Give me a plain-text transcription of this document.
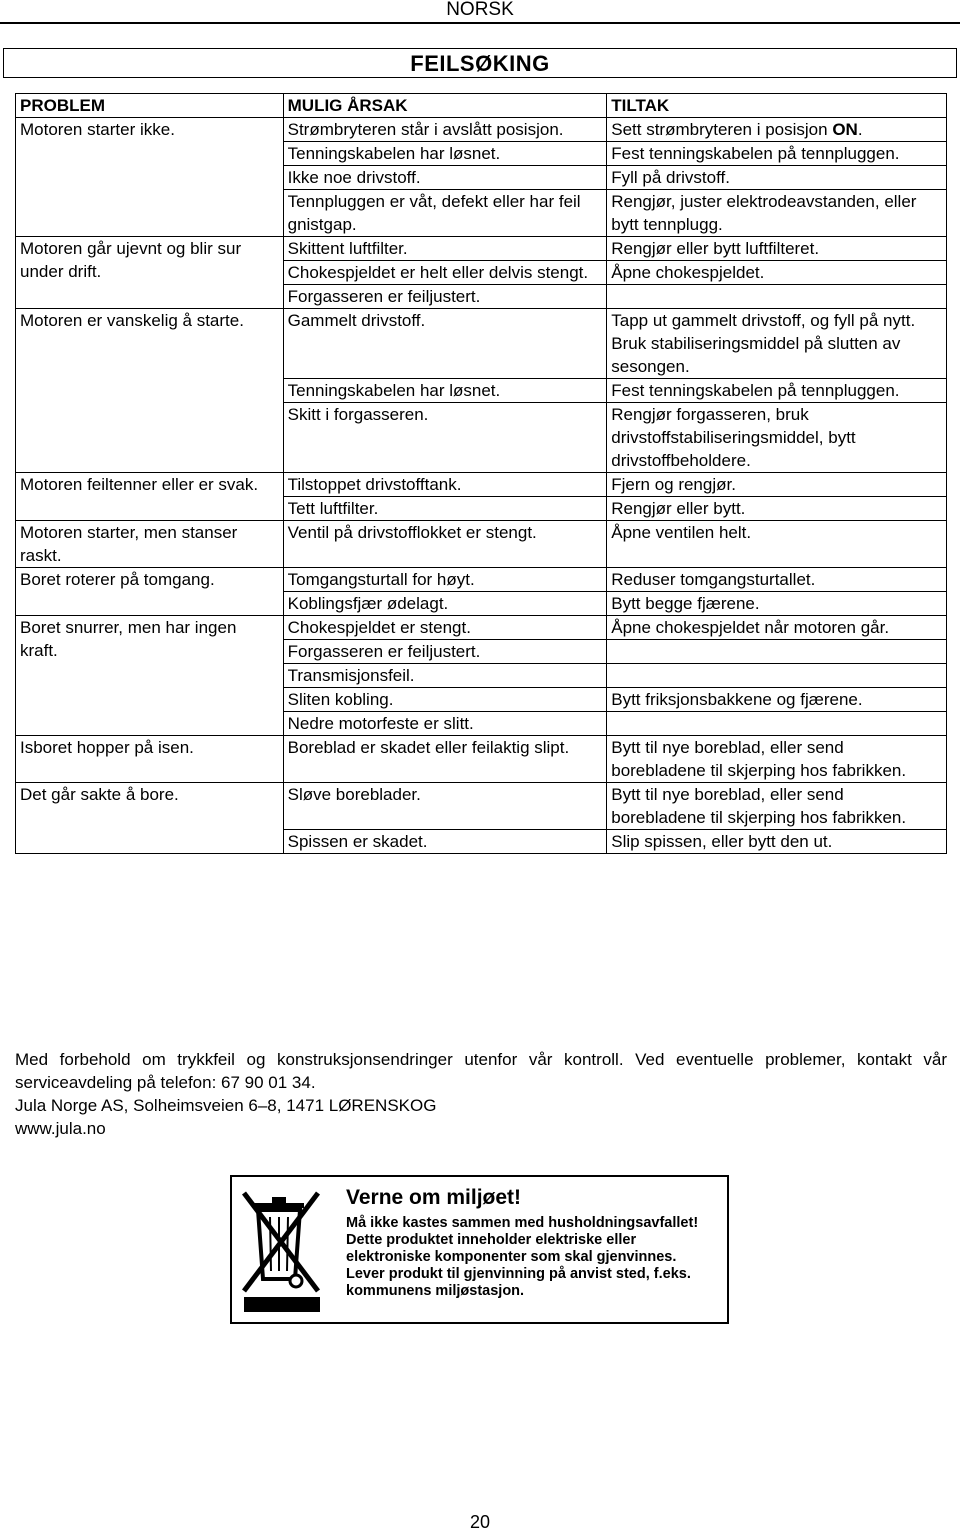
NORSK
FEILSØKING
PROBLEM	MULIG ÅRSAK	TILTAK
Motoren starter ikke.	Strømbryteren står i avslått posisjon.	Sett strømbryteren i posisjon ON.
	Tenningskabelen har løsnet.	Fest tenningskabelen på tennpluggen.
	Ikke noe drivstoff.	Fyll på drivstoff.
	Tennpluggen er våt, defekt eller har feil gnistgap.	Rengjør, juster elektrodeavstanden, eller bytt tennplugg.
Motoren går ujevnt og blir sur under drift.	Skittent luftfilter.	Rengjør eller bytt luftfilteret.
	Chokespjeldet er helt eller delvis stengt.	Åpne chokespjeldet.
	Forgasseren er feiljustert.	
Motoren er vanskelig å starte.	Gammelt drivstoff.	Tapp ut gammelt drivstoff, og fyll på nytt. Bruk stabiliseringsmiddel på slutten av sesongen.
	Tenningskabelen har løsnet.	Fest tenningskabelen på tennpluggen.
	Skitt i forgasseren.	Rengjør forgasseren, bruk drivstoffstabiliseringsmiddel, bytt drivstoffbeholdere.
Motoren feiltenner eller er svak.	Tilstoppet drivstofftank.	Fjern og rengjør.
	Tett luftfilter.	Rengjør eller bytt.
Motoren starter, men stanser raskt.	Ventil på drivstofflokket er stengt.	Åpne ventilen helt.
Boret roterer på tomgang.	Tomgangsturtall for høyt.	Reduser tomgangsturtallet.
	Koblingsfjær ødelagt.	Bytt begge fjærene.
Boret snurrer, men har ingen kraft.	Chokespjeldet er stengt.	Åpne chokespjeldet når motoren går.
	Forgasseren er feiljustert.	
	Transmisjonsfeil.	
	Sliten kobling.	Bytt friksjonsbakkene og fjærene.
	Nedre motorfeste er slitt.	
Isboret hopper på isen.	Boreblad er skadet eller feilaktig slipt.	Bytt til nye boreblad, eller send borebladene til skjerping hos fabrikken.
Det går sakte å bore.	Sløve boreblader.	Bytt til nye boreblad, eller send borebladene til skjerping hos fabrikken.
	Spissen er skadet.	Slip spissen, eller bytt den ut.

Med forbehold om trykkfeil og konstruksjonsendringer utenfor vår kontroll. Ved eventuelle problemer, kontakt vår serviceavdeling på telefon: 67 90 01 34.

Jula Norge AS, Solheimsveien 6–8, 1471 LØRENSKOG

www.jula.no

Verne om miljøet!
Må ikke kastes sammen med husholdningsavfallet!
Dette produktet inneholder elektriske eller
elektroniske komponenter som skal gjenvinnes.
Lever produkt til gjenvinning på anvist sted, f.eks.
kommunens miljøstasjon.
20
